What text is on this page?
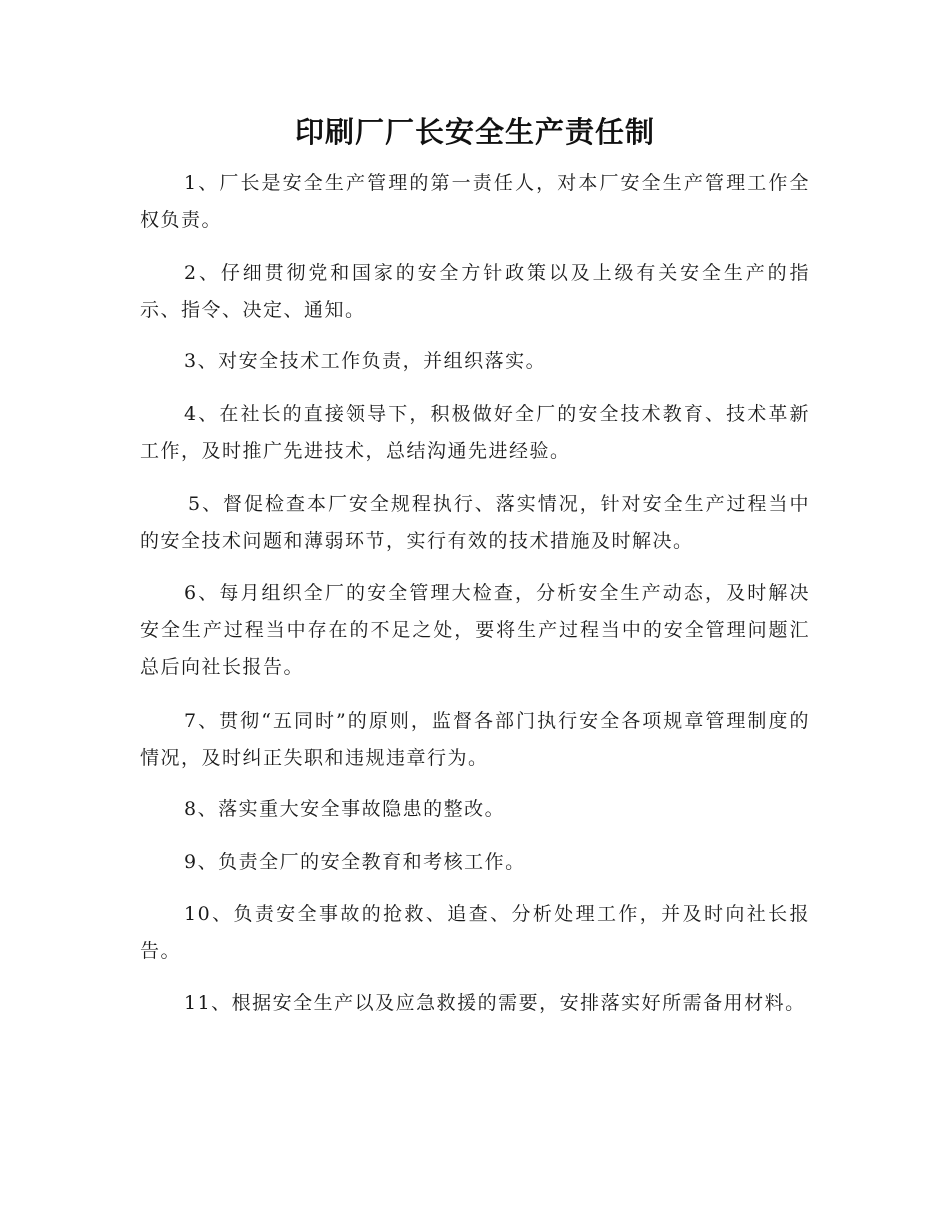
印刷厂厂长安全生产责任制
1、厂长是安全生产管理的第一责任人，对本厂安全生产管理工作全权负责。
2、仔细贯彻党和国家的安全方针政策以及上级有关安全生产的指示、指令、决定、通知。
3、对安全技术工作负责，并组织落实。
4、在社长的直接领导下，积极做好全厂的安全技术教育、技术革新工作，及时推广先进技术，总结沟通先进经验。
5、督促检查本厂安全规程执行、落实情况，针对安全生产过程当中的安全技术问题和薄弱环节，实行有效的技术措施及时解决。
6、每月组织全厂的安全管理大检查，分析安全生产动态，及时解决安全生产过程当中存在的不足之处，要将生产过程当中的安全管理问题汇总后向社长报告。
7、贯彻“五同时”的原则，监督各部门执行安全各项规章管理制度的情况，及时纠正失职和违规违章行为。
8、落实重大安全事故隐患的整改。
9、负责全厂的安全教育和考核工作。
10、负责安全事故的抢救、追查、分析处理工作，并及时向社长报告。
11、根据安全生产以及应急救援的需要，安排落实好所需备用材料。
